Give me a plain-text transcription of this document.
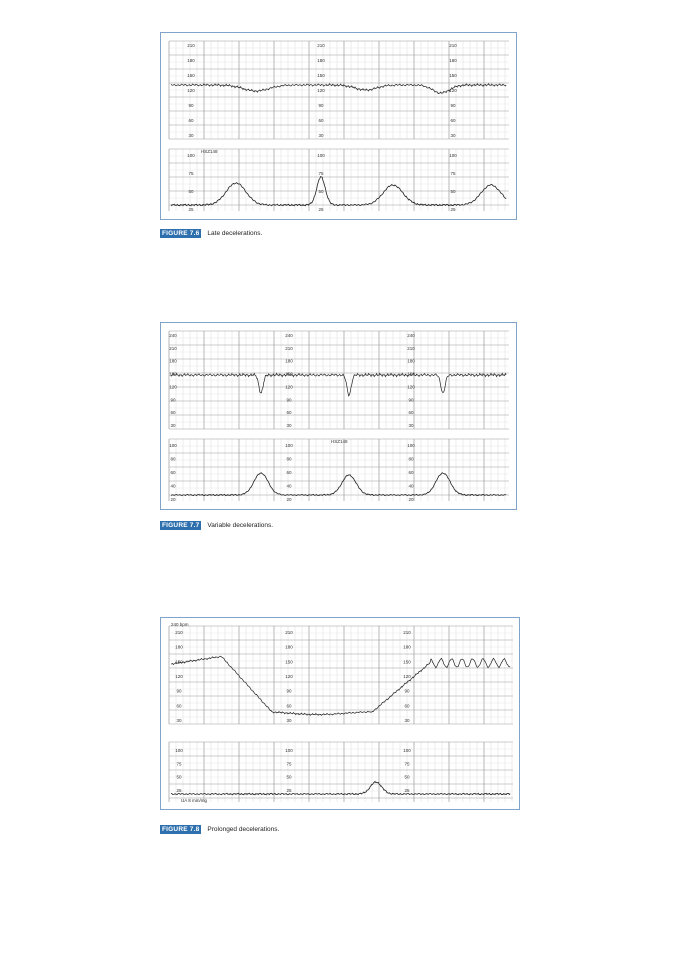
210
180
150
120
90
60
30
210
180
150
120
90
60
30
210
180
150
120
90
60
30
100
75
50
25
100
75
50
25
100
75
50
25
HSZ148
FIGURE 7.6 Late decelerations.
240
210
180
150
120
90
60
30
240
210
180
150
120
90
60
30
240
210
180
150
120
90
60
30
100
80
60
40
20
100
80
60
40
20
100
80
60
40
20
HSZ148
FIGURE 7.7 Variable decelerations.
210
180
150
120
90
60
30
210
180
150
120
90
60
30
210
180
150
120
90
60
30
100
75
50
25
100
75
50
25
100
75
50
25
240 bpm
UA 8 mm/mg
FIGURE 7.8 Prolonged decelerations.
